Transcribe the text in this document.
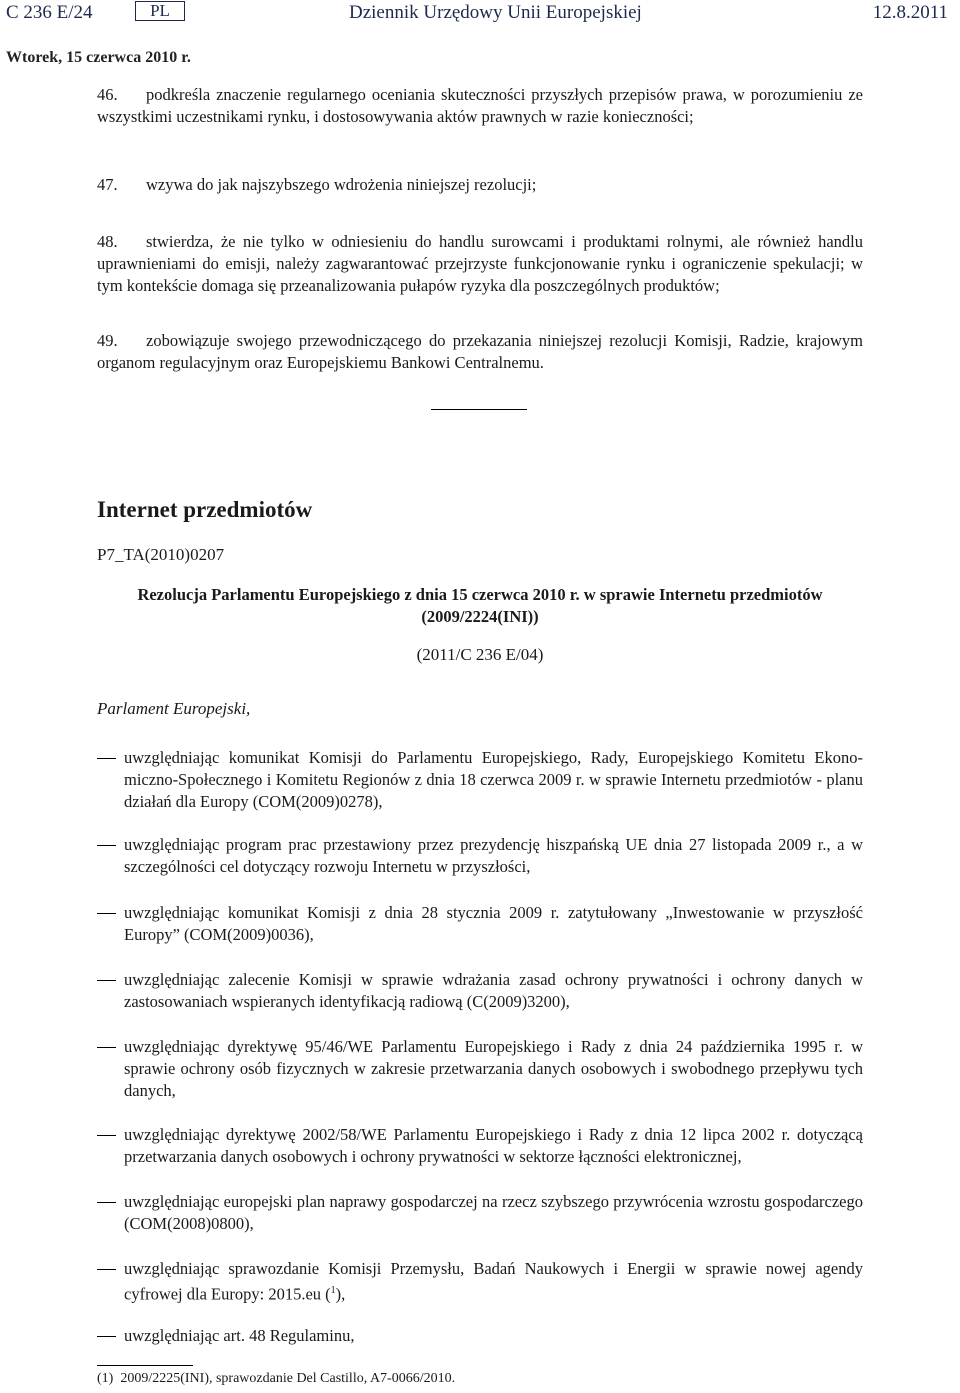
C 236 E/24	PL	Dziennik Urzędowy Unii Europejskiej	12.8.2011
Wtorek, 15 czerwca 2010 r.
46. podkreśla znaczenie regularnego oceniania skuteczności przyszłych przepisów prawa, w porozumieniu ze wszystkimi uczestnikami rynku, i dostosowywania aktów prawnych w razie konieczności;
47. wzywa do jak najszybszego wdrożenia niniejszej rezolucji;
48. stwierdza, że nie tylko w odniesieniu do handlu surowcami i produktami rolnymi, ale również handlu uprawnieniami do emisji, należy zagwarantować przejrzyste funkcjonowanie rynku i ograniczenie spekulacji; w tym kontekście domaga się przeanalizowania pułapów ryzyka dla poszczególnych produktów;
49. zobowiązuje swojego przewodniczącego do przekazania niniejszej rezolucji Komisji, Radzie, krajowym organom regulacyjnym oraz Europejskiemu Bankowi Centralnemu.
Internet przedmiotów
P7_TA(2010)0207
Rezolucja Parlamentu Europejskiego z dnia 15 czerwca 2010 r. w sprawie Internetu przedmiotów
(2009/2224(INI))
(2011/C 236 E/04)
Parlament Europejski,
uwzględniając komunikat Komisji do Parlamentu Europejskiego, Rady, Europejskiego Komitetu Ekonomiczno-Społecznego i Komitetu Regionów z dnia 18 czerwca 2009 r. w sprawie Internetu przedmiotów - planu działań dla Europy (COM(2009)0278),
uwzględniając program prac przestawiony przez prezydencję hiszpańską UE dnia 27 listopada 2009 r., a w szczególności cel dotyczący rozwoju Internetu w przyszłości,
uwzględniając komunikat Komisji z dnia 28 stycznia 2009 r. zatytułowany „Inwestowanie w przyszłość Europy” (COM(2009)0036),
uwzględniając zalecenie Komisji w sprawie wdrażania zasad ochrony prywatności i ochrony danych w zastosowaniach wspieranych identyfikacją radiową (C(2009)3200),
uwzględniając dyrektywę 95/46/WE Parlamentu Europejskiego i Rady z dnia 24 października 1995 r. w sprawie ochrony osób fizycznych w zakresie przetwarzania danych osobowych i swobodnego przepływu tych danych,
uwzględniając dyrektywę 2002/58/WE Parlamentu Europejskiego i Rady z dnia 12 lipca 2002 r. dotyczącą przetwarzania danych osobowych i ochrony prywatności w sektorze łączności elektronicznej,
uwzględniając europejski plan naprawy gospodarczej na rzecz szybszego przywrócenia wzrostu gospodarczego (COM(2008)0800),
uwzględniając sprawozdanie Komisji Przemysłu, Badań Naukowych i Energii w sprawie nowej agendy cyfrowej dla Europy: 2015.eu ($^1$),
uwzględniając art. 48 Regulaminu,
(1) 2009/2225(INI), sprawozdanie Del Castillo, A7-0066/2010.
